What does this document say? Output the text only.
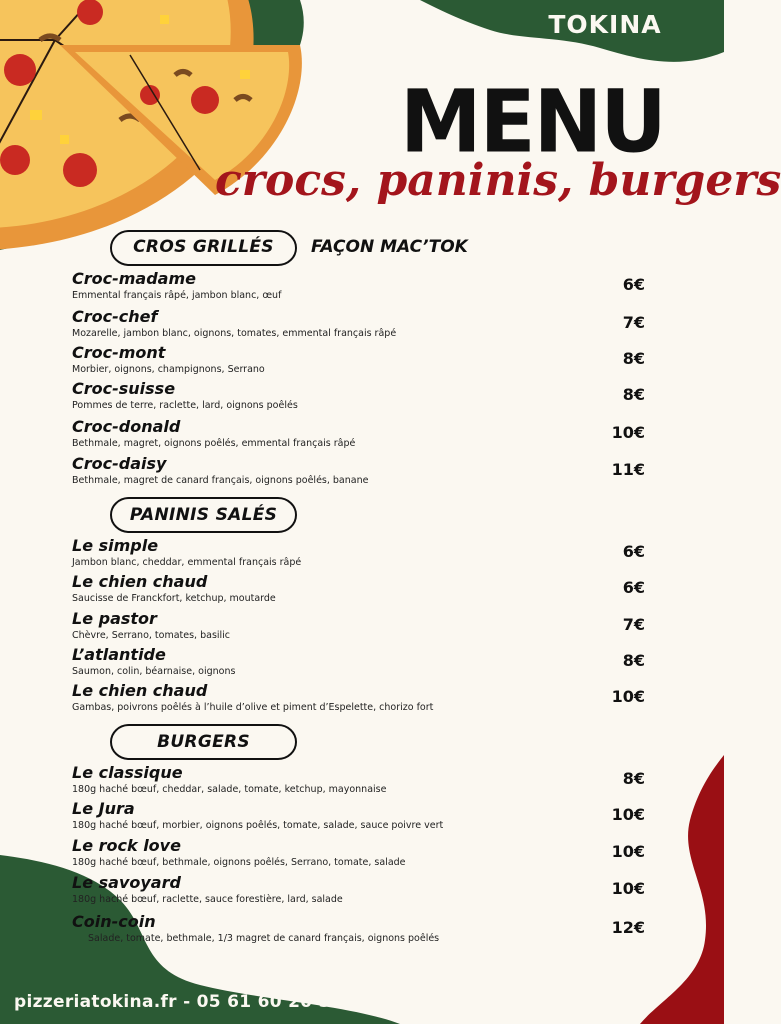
TOKINA
MENU
crocs, paninis, burgers
CROS GRILLÉS	FAÇON MAC’TOK
Croc-madame
Emmental français râpé, jambon blanc, œuf
6€
Croc-chef
Mozarelle, jambon blanc, oignons, tomates, emmental français râpé
7€
Croc-mont
Morbier, oignons, champignons, Serrano
8€
Croc-suisse
Pommes de terre, raclette, lard, oignons poêlés
8€
Croc-donald
Bethmale, magret, oignons poêlés, emmental français râpé
10€
Croc-daisy
Bethmale, magret de canard français, oignons poêlés, banane
11€
PANINIS SALÉS
Le simple
Jambon blanc, cheddar, emmental français râpé
6€
Le chien chaud
Saucisse de Franckfort, ketchup, moutarde
6€
Le pastor
Chèvre, Serrano, tomates, basilic
7€
L’atlantide
Saumon, colin, béarnaise, oignons
8€
Le chien chaud
Gambas, poivrons poêlés à l’huile d’olive et piment d’Espelette, chorizo fort
10€
BURGERS
Le classique
180g haché bœuf, cheddar, salade, tomate, ketchup, mayonnaise
8€
Le Jura
180g haché bœuf, morbier, oignons poêlés, tomate, salade, sauce poivre vert
10€
Le rock love
180g haché bœuf, bethmale, oignons poêlés, Serrano, tomate, salade
10€
Le savoyard
180g haché bœuf, raclette, sauce forestière, lard, salade
10€
Coin-coin
Salade, tomate, bethmale, 1/3 magret de canard français, oignons poêlés
12€
pizzeriatokina.fr - 05 61 60 20 58
